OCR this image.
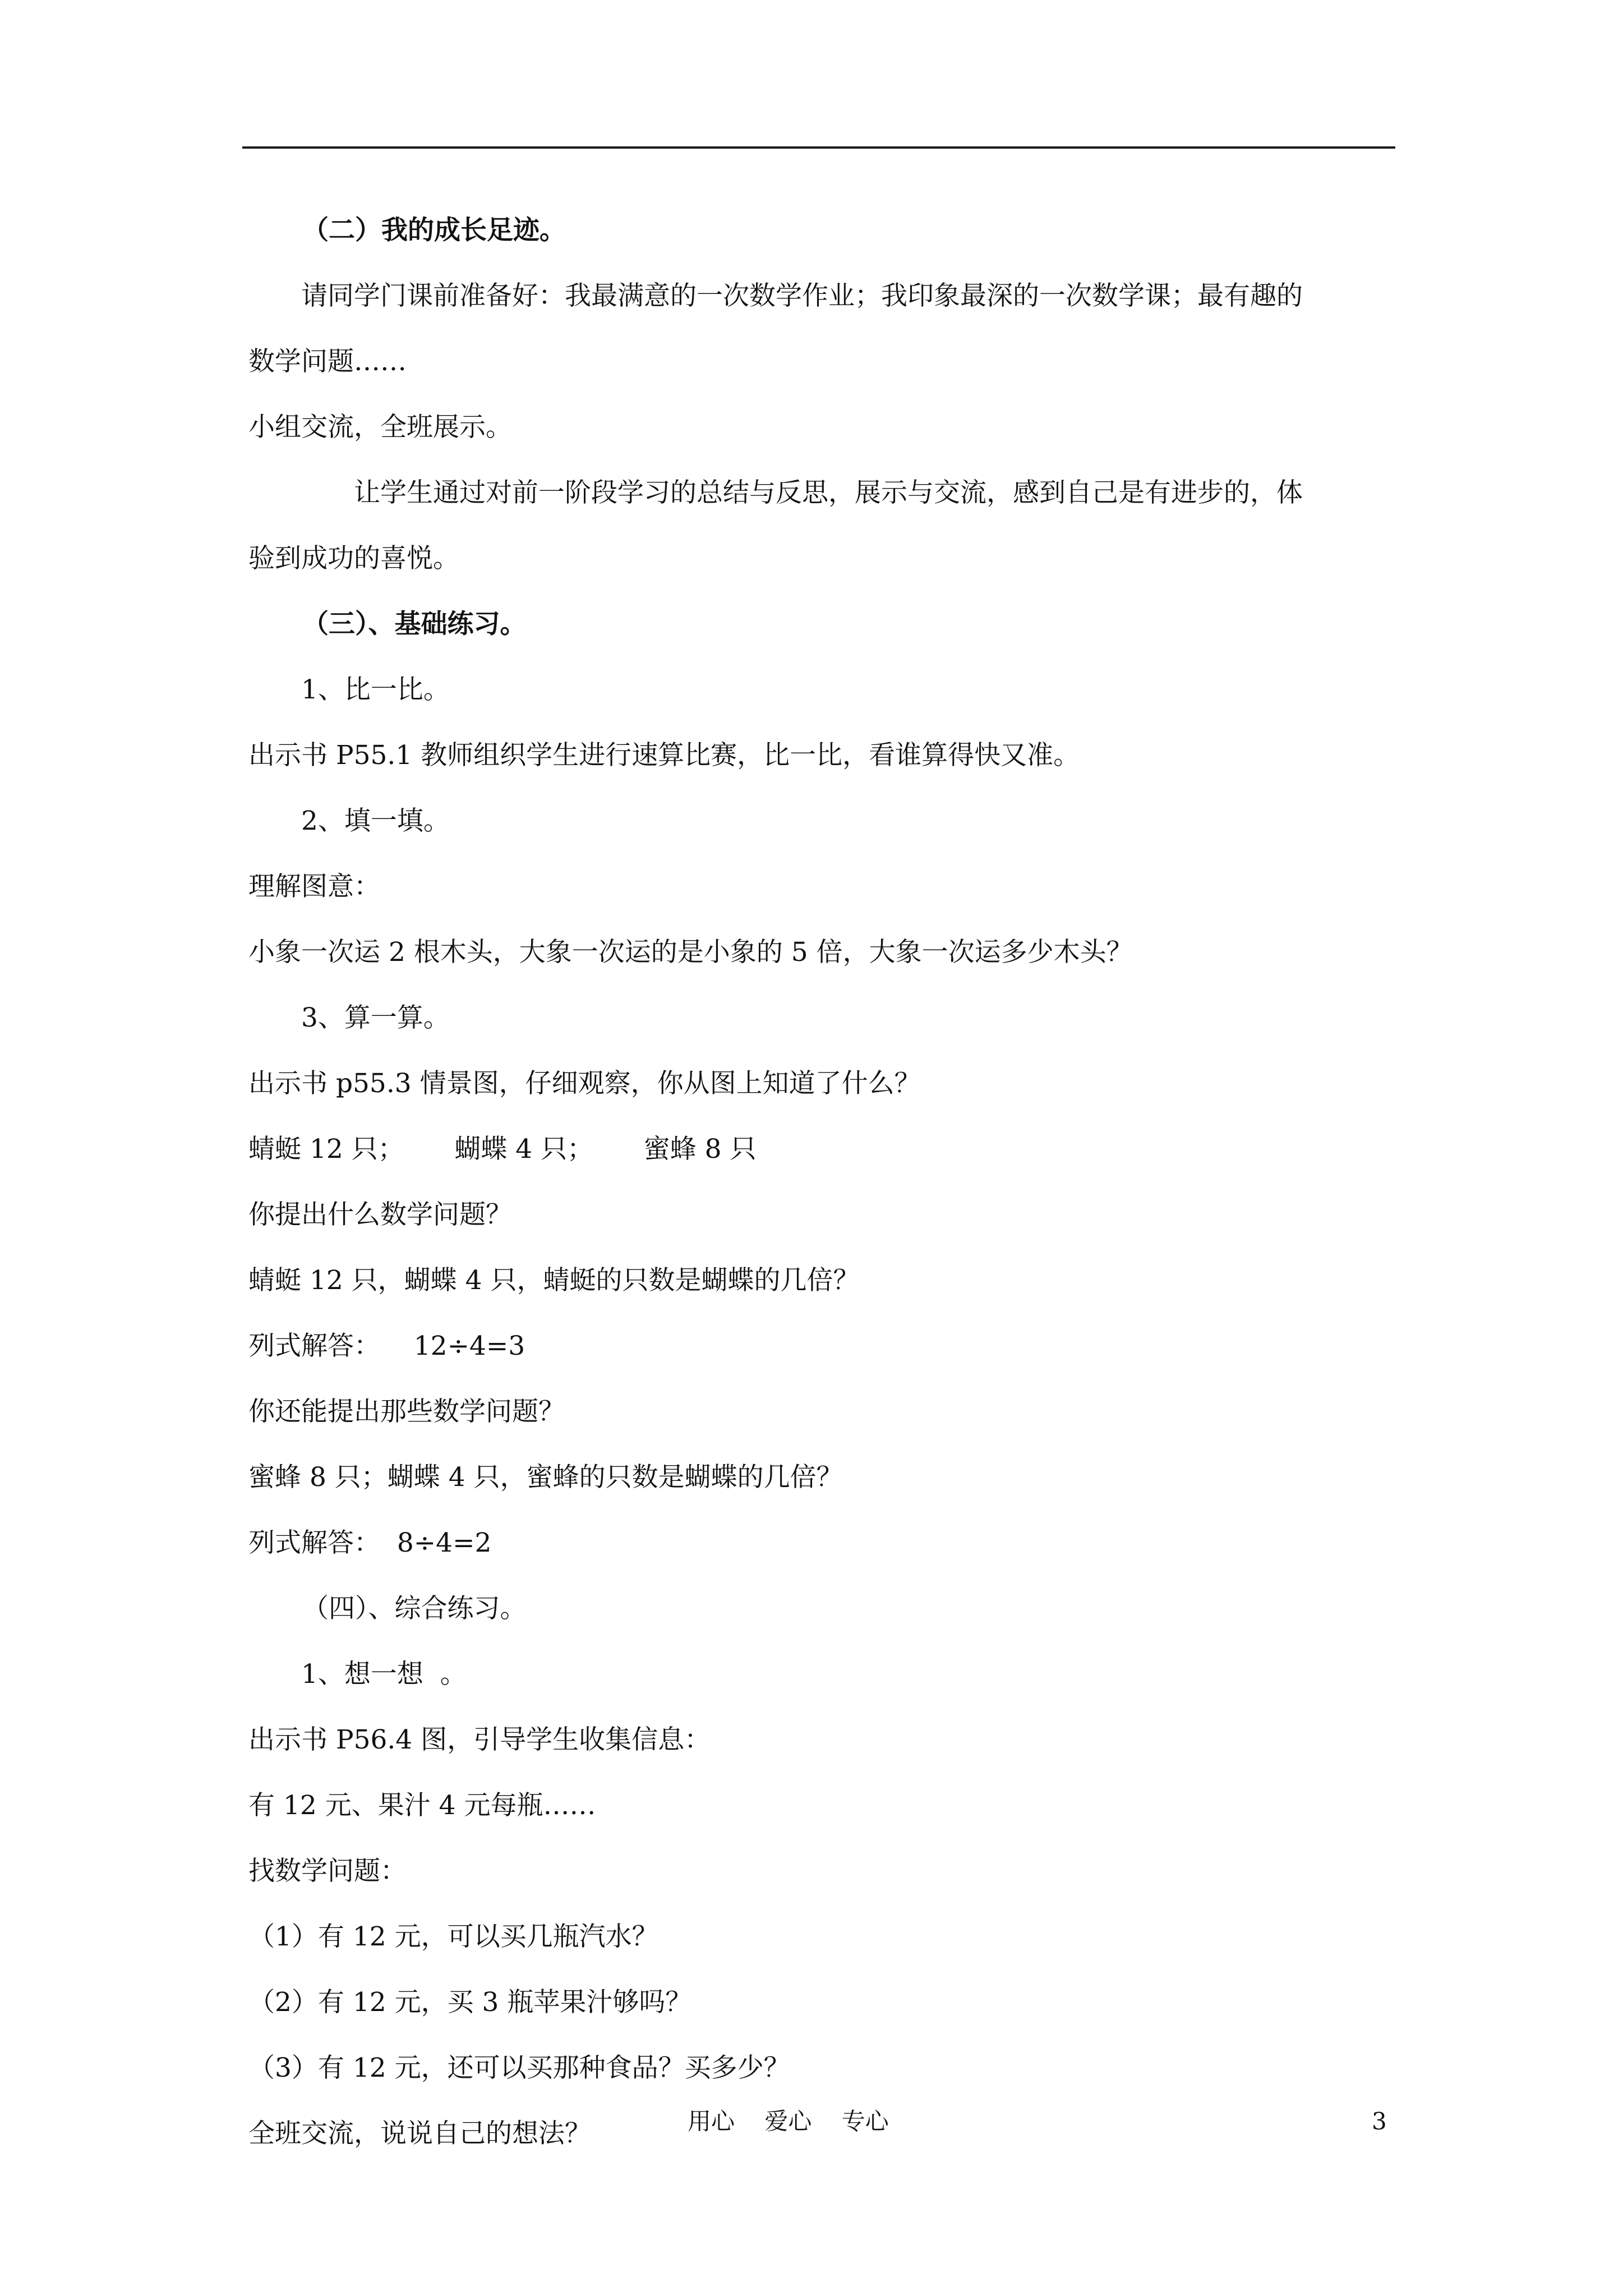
（二）我的成长足迹。

请同学门课前准备好：我最满意的一次数学作业；我印象最深的一次数学课；最有趣的

数学问题……

小组交流，全班展示。

让学生通过对前一阶段学习的总结与反思，展示与交流，感到自己是有进步的，体

验到成功的喜悦。

（三）、基础练习。

1、比一比。

出示书 P55.1 教师组织学生进行速算比赛，比一比，看谁算得快又准。

2、填一填。

理解图意：

小象一次运 2 根木头，大象一次运的是小象的 5 倍，大象一次运多少木头？

3、算一算。

出示书 p55.3 情景图，仔细观察，你从图上知道了什么？

蜻蜓 12 只；      蝴蝶 4 只；      蜜蜂 8 只

你提出什么数学问题？

蜻蜓 12 只，蝴蝶 4 只，蜻蜓的只数是蝴蝶的几倍？

列式解答：    12÷4=3

你还能提出那些数学问题？

蜜蜂 8 只；蝴蝶 4 只，蜜蜂的只数是蝴蝶的几倍？

列式解答：  8÷4=2

（四）、综合练习。

1、想一想  。

出示书 P56.4 图，引导学生收集信息：

有 12 元、果汁 4 元每瓶……

找数学问题：

（1）有 12 元，可以买几瓶汽水？

（2）有 12 元，买 3 瓶苹果汁够吗？

（3）有 12 元，还可以买那种食品？买多少？

全班交流，说说自己的想法？	用心    爱心    专心	3
